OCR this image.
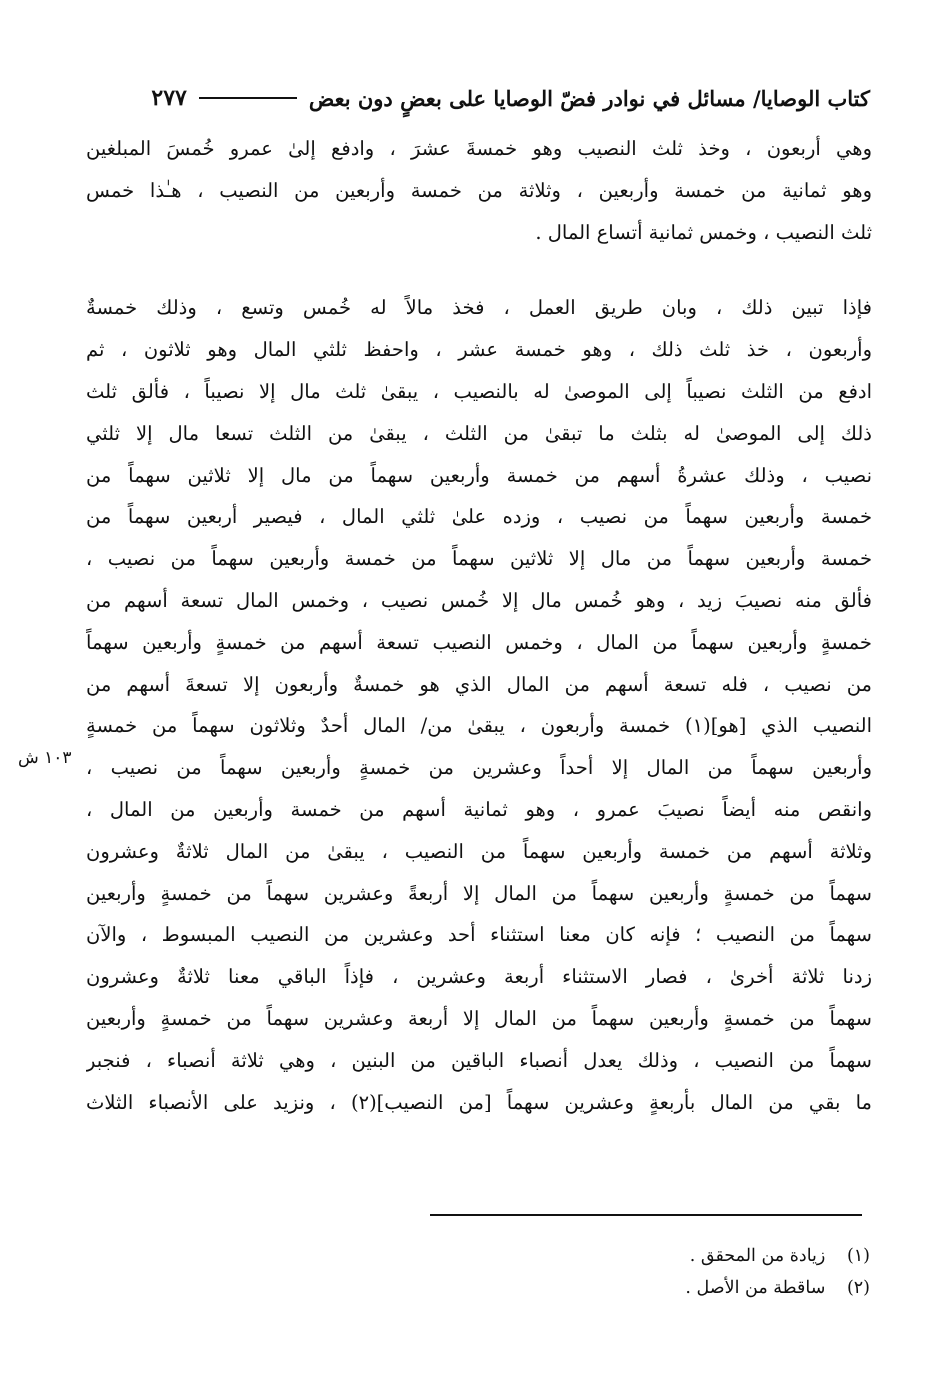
كتاب الوصايا/ مسائل في نوادر فضّ الوصايا على بعضٍ دون بعض
٢٧٧
وهي أربعون ، وخذ ثلث النصيب وهو خمسةَ عشرَ ، وادفع إلىٰ عمرو خُمسَ المبلغين
وهو ثمانية من خمسة وأربعين ، وثلاثة من خمسة وأربعين من النصيب ، هـٰذا خمس
ثلث النصيب ، وخمس ثمانية أتساع المال .
فإذا تبين ذلك ، وبان طريق العمل ، فخذ مالاً له خُمس وتسع ، وذلك خمسةٌ
وأربعون ، خذ ثلث ذلك ، وهو خمسة عشر ، واحفظ ثلثي المال وهو ثلاثون ، ثم
ادفع من الثلث نصيباً إلى الموصىٰ له بالنصيب ، يبقىٰ ثلث مال إلا نصيباً ، فألق ثلث
ذلك إلى الموصىٰ له بثلث ما تبقىٰ من الثلث ، يبقىٰ من الثلث تسعا مال إلا ثلثي
نصيب ، وذلك عشرةُ أسهم من خمسة وأربعين سهماً من مال إلا ثلاثين سهماً من
خمسة وأربعين سهماً من نصيب ، وزده علىٰ ثلثي المال ، فيصير أربعين سهماً من
خمسة وأربعين سهماً من مال إلا ثلاثين سهماً من خمسة وأربعين سهماً من نصيب ،
فألق منه نصيبَ زيد ، وهو خُمس مال إلا خُمس نصيب ، وخمس المال تسعة أسهم من
خمسةٍ وأربعين سهماً من المال ، وخمس النصيب تسعة أسهم من خمسةٍ وأربعين سهماً
من نصيب ، فله تسعة أسهم من المال الذي هو خمسةٌ وأربعون إلا تسعةَ أسهم من
النصيب الذي [هو](١) خمسة وأربعون ، يبقىٰ من/ المال أحدٌ وثلاثون سهماً من خمسةٍ
وأربعين سهماً من المال إلا أحداً وعشرين من خمسةٍ وأربعين سهماً من نصيب ،
وانقص منه أيضاً نصيبَ عمرو ، وهو ثمانية أسهم من خمسة وأربعين من المال ،
وثلاثة أسهم من خمسة وأربعين سهماً من النصيب ، يبقىٰ من المال ثلاثةٌ وعشرون
سهماً من خمسةٍ وأربعين سهماً من المال إلا أربعةً وعشرين سهماً من خمسةٍ وأربعين
سهماً من النصيب ؛ فإنه كان معنا استثناء أحد وعشرين من النصيب المبسوط ، والآن
زدنا ثلاثة أخرىٰ ، فصار الاستثناء أربعة وعشرين ، فإذاً الباقي معنا ثلاثةٌ وعشرون
سهماً من خمسةٍ وأربعين سهماً من المال إلا أربعة وعشرين سهماً من خمسةٍ وأربعين
سهماً من النصيب ، وذلك يعدل أنصباء الباقين من البنين ، وهي ثلاثة أنصباء ، فنجبر
ما بقي من المال بأربعةٍ وعشرين سهماً [من النصيب](٢) ، ونزيد على الأنصباء الثلاث
١٠٣ ش
(١) زيادة من المحقق .
(٢) ساقطة من الأصل .
